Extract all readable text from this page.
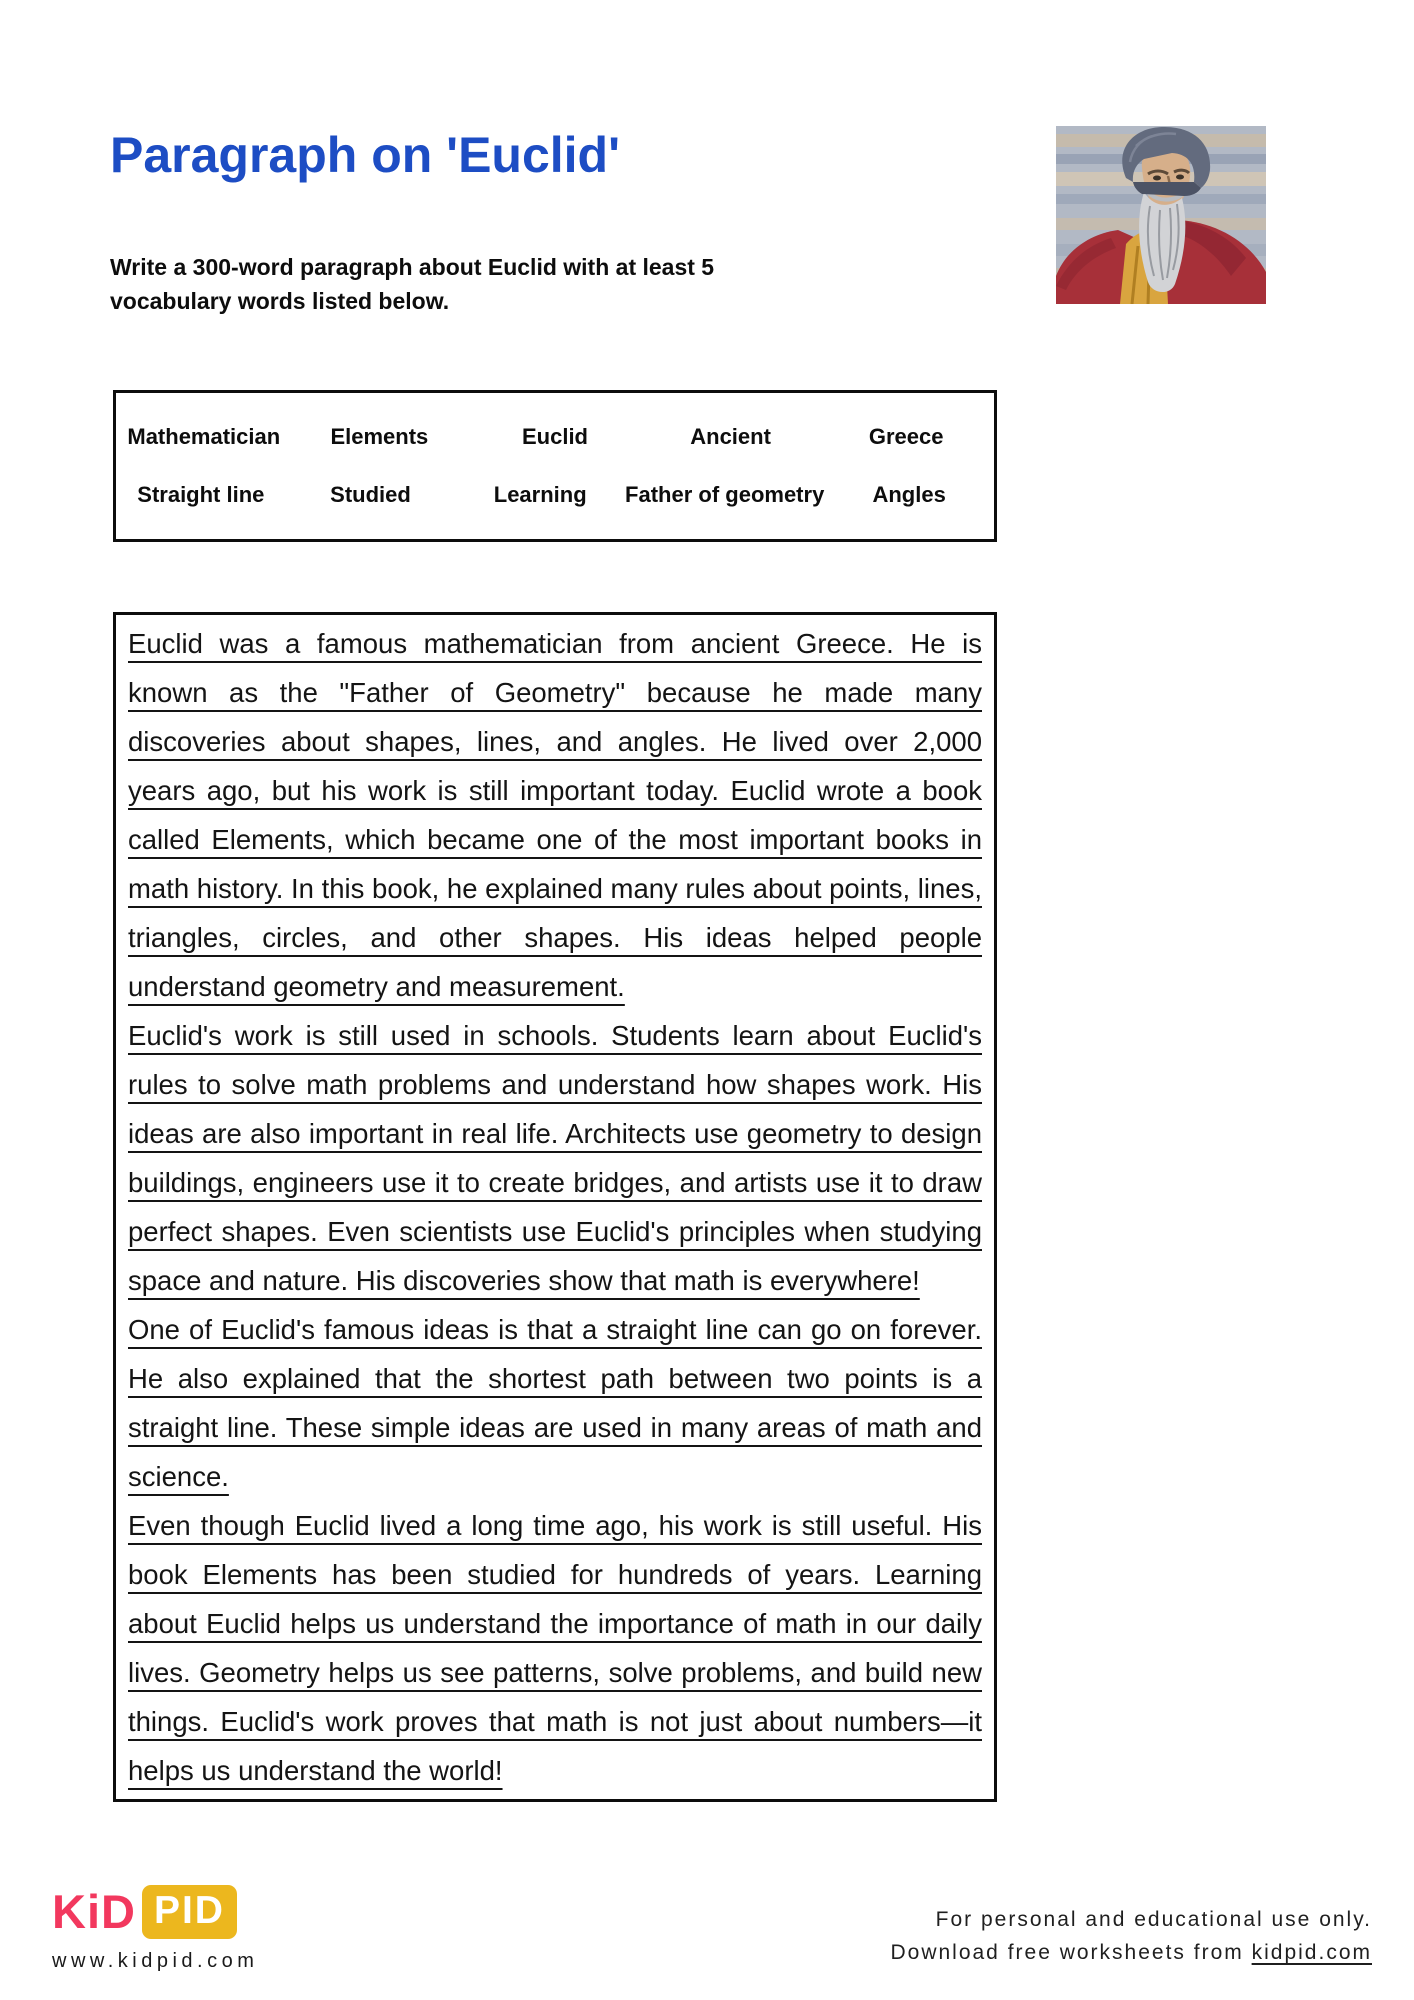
Paragraph on 'Euclid'

Write a 300-word paragraph about Euclid with at least 5 vocabulary words listed below.

Mathematician	Elements	Euclid	Ancient	Greece
Straight line	Studied	Learning	Father of geometry	Angles

Euclid was a famous mathematician from ancient Greece. He is known as the "Father of Geometry" because he made many discoveries about shapes, lines, and angles. He lived over 2,000 years ago, but his work is still important today. Euclid wrote a book called Elements, which became one of the most important books in math history. In this book, he explained many rules about points, lines, triangles, circles, and other shapes. His ideas helped people understand geometry and measurement.

Euclid's work is still used in schools. Students learn about Euclid's rules to solve math problems and understand how shapes work. His ideas are also important in real life. Architects use geometry to design buildings, engineers use it to create bridges, and artists use it to draw perfect shapes. Even scientists use Euclid's principles when studying space and nature. His discoveries show that math is everywhere!

One of Euclid's famous ideas is that a straight line can go on forever. He also explained that the shortest path between two points is a straight line. These simple ideas are used in many areas of math and science.

Even though Euclid lived a long time ago, his work is still useful. His book Elements has been studied for hundreds of years. Learning about Euclid helps us understand the importance of math in our daily lives. Geometry helps us see patterns, solve problems, and build new things. Euclid's work proves that math is not just about numbers—it helps us understand the world!

KiD PID
www.kidpid.com
For personal and educational use only.
Download free worksheets from kidpid.com
